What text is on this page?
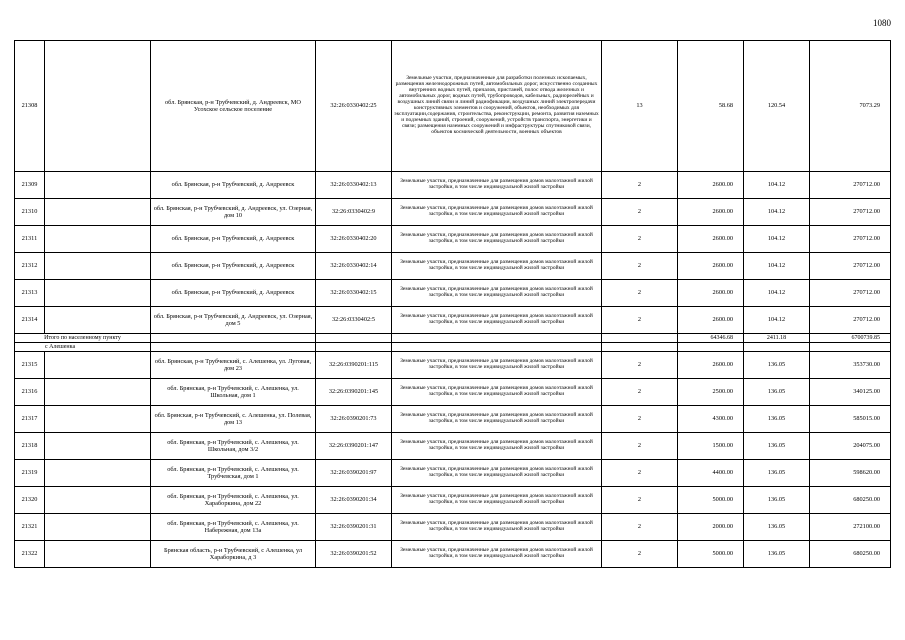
1080
21308		обл. Брянская, р-н Трубчевский, д. Андреевск, МО Усохское сельское поселение	32:26:0330402:25	Земельные участки, предназначенные для разработки полезных ископаемых, размещения железнодорожных путей, автомобильных дорог, искусственно созданных внутренних водных путей, причалов, пристаней, полос отвода железных и автомобильных дорог, водных путей, трубопроводов, кабельных, радиорелейных и воздушных линий связи и линий радиофикации, воздушных линий электропередачи конструктивных элементов и сооружений, объектов, необходимых для эксплуатации,содержания, строительства, реконструкции, ремонта, развития наземных и подземных зданий, строений, сооружений, устройств транспорта, энергетики и связи; размещения наземных сооружений и инфраструктуры спутниковой связи, объектов космической деятельности, военных объектов	13	58.68	120.54	7073.29
21309		обл. Брянская, р-н Трубчевский, д. Андреевск	32:26:0330402:13	Земельные участки, предназначенные для размещения домов малоэтажной жилой застройки, в том числе индивидуальной жилой застройки	2	2600.00	104.12	270712.00
21310		обл. Брянская, р-н Трубчевский, д. Андреевск, ул. Озерная, дом 10	32:26:0330402:9	Земельные участки, предназначенные для размещения домов малоэтажной жилой застройки, в том числе индивидуальной жилой застройки	2	2600.00	104.12	270712.00
21311		обл. Брянская, р-н Трубчевский, д. Андреевск	32:26:0330402:20	Земельные участки, предназначенные для размещения домов малоэтажной жилой застройки, в том числе индивидуальной жилой застройки	2	2600.00	104.12	270712.00
21312		обл. Брянская, р-н Трубчевский, д. Андреевск	32:26:0330402:14	Земельные участки, предназначенные для размещения домов малоэтажной жилой застройки, в том числе индивидуальной жилой застройки	2	2600.00	104.12	270712.00
21313		обл. Брянская, р-н Трубчевский, д. Андреевск	32:26:0330402:15	Земельные участки, предназначенные для размещения домов малоэтажной жилой застройки, в том числе индивидуальной жилой застройки	2	2600.00	104.12	270712.00
21314		обл. Брянская, р-н Трубчевский, д. Андреевск, ул. Озерная, дом 5	32:26:0330402:5	Земельные участки, предназначенные для размещения домов малоэтажной жилой застройки, в том числе индивидуальной жилой застройки	2	2600.00	104.12	270712.00
Итого по населенному пункту						64346.68	2411.18	6700739.85
с Алешенка								
21315		обл. Брянская, р-н Трубчевский, с. Алешенка, ул. Луговая, дом 23	32:26:0390201:115	Земельные участки, предназначенные для размещения домов малоэтажной жилой застройки, в том числе индивидуальной жилой застройки	2	2600.00	136.05	353730.00
21316		обл. Брянская, р-н Трубчевский, с. Алешенка, ул. Школьная, дом 1	32:26:0390201:145	Земельные участки, предназначенные для размещения домов малоэтажной жилой застройки, в том числе индивидуальной жилой застройки	2	2500.00	136.05	340125.00
21317		обл. Брянская, р-н Трубчевский, с. Алешенка, ул. Полевая, дом 13	32:26:0390201:73	Земельные участки, предназначенные для размещения домов малоэтажной жилой застройки, в том числе индивидуальной жилой застройки	2	4300.00	136.05	585015.00
21318		обл. Брянская, р-н Трубчевский, с. Алешенка, ул. Школьная, дом 3/2	32:26:0390201:147	Земельные участки, предназначенные для размещения домов малоэтажной жилой застройки, в том числе индивидуальной жилой застройки	2	1500.00	136.05	204075.00
21319		обл. Брянская, р-н Трубчевский, с. Алешенка, ул. Трубчевская, дом 1	32:26:0390201:97	Земельные участки, предназначенные для размещения домов малоэтажной жилой застройки, в том числе индивидуальной жилой застройки	2	4400.00	136.05	598620.00
21320		обл. Брянская, р-н Трубчевский, с. Алешенка, ул. Хараборкина, дом 22	32:26:0390201:34	Земельные участки, предназначенные для размещения домов малоэтажной жилой застройки, в том числе индивидуальной жилой застройки	2	5000.00	136.05	680250.00
21321		обл. Брянская, р-н Трубчевский, с. Алешенка, ул. Набережная, дом 13а	32:26:0390201:31	Земельные участки, предназначенные для размещения домов малоэтажной жилой застройки, в том числе индивидуальной жилой застройки	2	2000.00	136.05	272100.00
21322		Брянская область, р-н Трубчевский, с Алешенка, ул Хараборкина, д 3	32:26:0390201:52	Земельные участки, предназначенные для размещения домов малоэтажной жилой застройки, в том числе индивидуальной жилой застройки	2	5000.00	136.05	680250.00
